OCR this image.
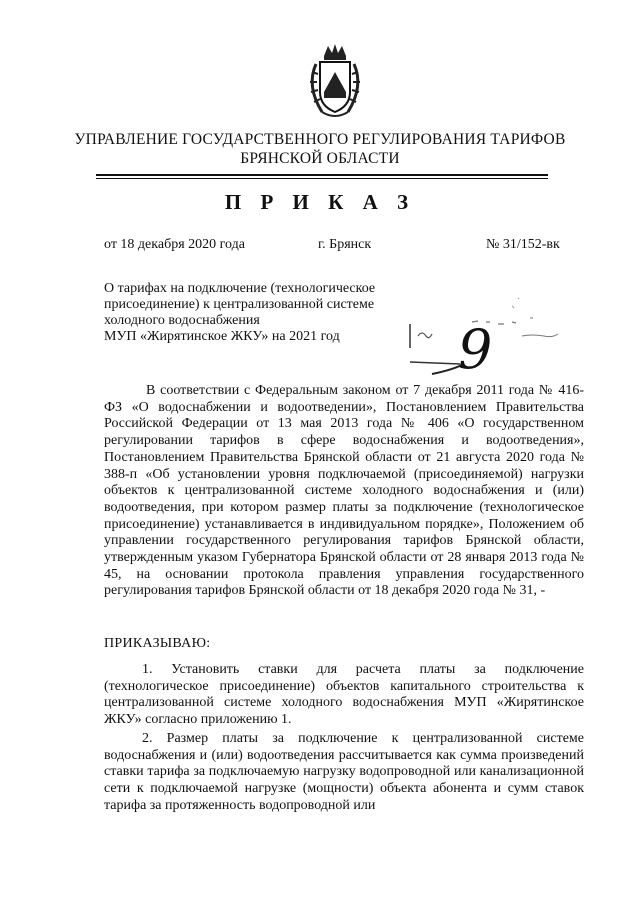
УПРАВЛЕНИЕ ГОСУДАРСТВЕННОГО РЕГУЛИРОВАНИЯ ТАРИФОВ
БРЯНСКОЙ ОБЛАСТИ
П Р И К А З
от 18 декабря 2020 года	г. Брянск	№ 31/152-вк
О тарифах на подключение (технологическое
присоединение) к централизованной системе
холодного водоснабжения
МУП «Жирятинское ЖКУ» на 2021 год	9
В соответствии с Федеральным законом от 7 декабря 2011 года № 416-ФЗ «О водоснабжении и водоотведении», Постановлением Правительства Российской Федерации от 13 мая 2013 года № 406 «О государственном регулировании тарифов в сфере водоснабжения и водоотведения», Постановлением Правительства Брянской области от 21 августа 2020 года № 388-п «Об установлении уровня подключаемой (присоединяемой) нагрузки объектов к централизованной системе холодного водоснабжения и (или) водоотведения, при котором размер платы за подключение (технологическое присоединение) устанавливается в индивидуальном порядке», Положением об управлении государственного регулирования тарифов Брянской области, утвержденным указом Губернатора Брянской области от 28 января 2013 года № 45, на основании протокола правления управления государственного регулирования тарифов Брянской области от 18 декабря 2020 года № 31, -
ПРИКАЗЫВАЮ:
1. Установить ставки для расчета платы за подключение (технологическое присоединение) объектов капитального строительства к централизованной системе холодного водоснабжения МУП «Жирятинское ЖКУ» согласно приложению 1.
2. Размер платы за подключение к централизованной системе водоснабжения и (или) водоотведения рассчитывается как сумма произведений ставки тарифа за подключаемую нагрузку водопроводной или канализационной сети к подключаемой нагрузке (мощности) объекта абонента и сумм ставок тарифа за протяженность водопроводной или
